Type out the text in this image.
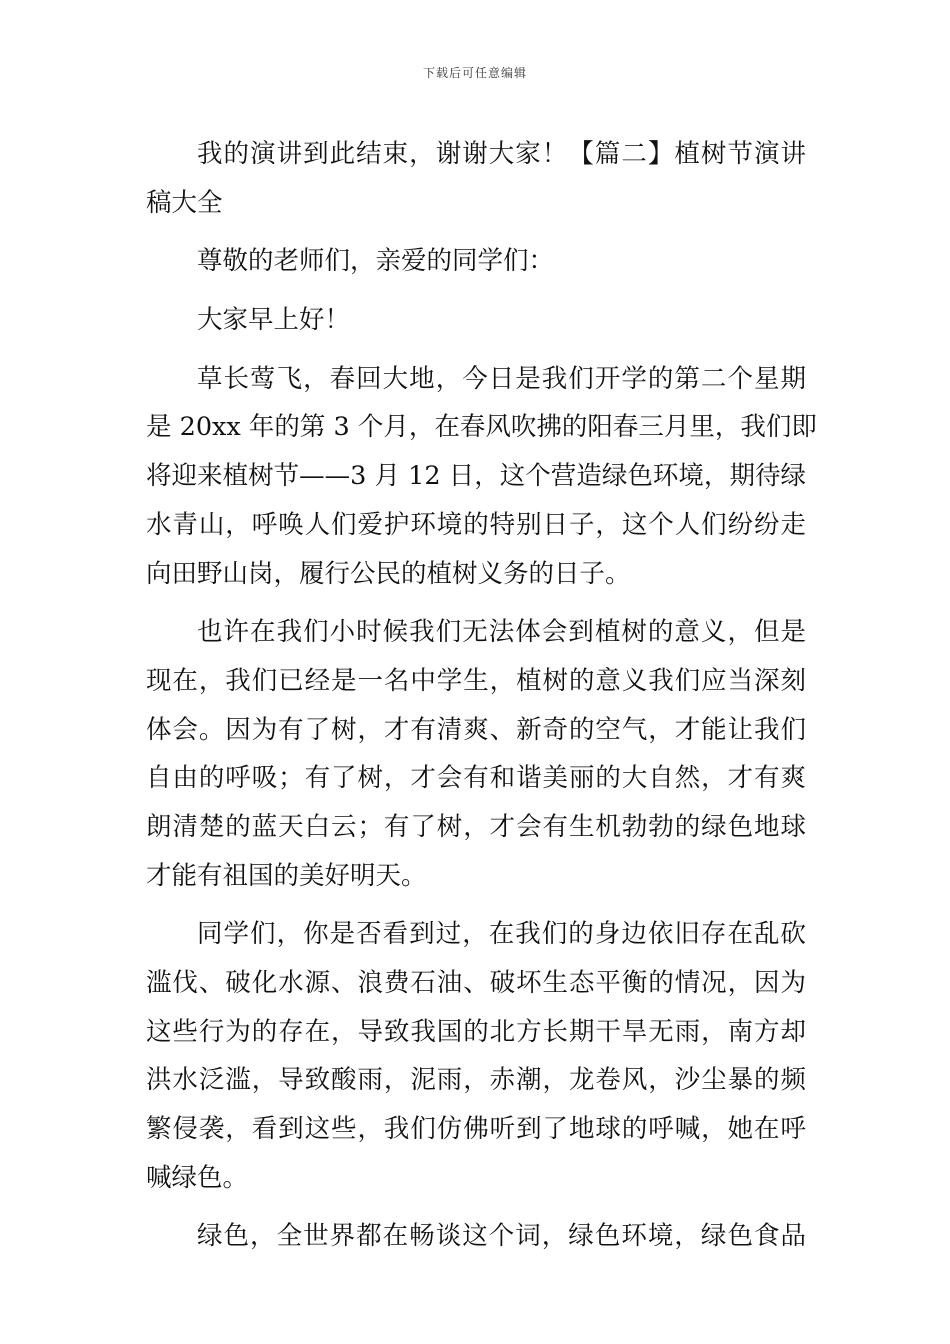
下载后可任意编辑
我的演讲到此结束，谢谢大家！【篇二】植树节演讲
稿大全
尊敬的老师们，亲爱的同学们：
大家早上好！
草长莺飞，春回大地，今日是我们开学的第二个星期
是 20xx 年的第 3 个月，在春风吹拂的阳春三月里，我们即
将迎来植树节——3 月 12 日，这个营造绿色环境，期待绿
水青山，呼唤人们爱护环境的特别日子，这个人们纷纷走
向田野山岗，履行公民的植树义务的日子。
也许在我们小时候我们无法体会到植树的意义，但是
现在，我们已经是一名中学生，植树的意义我们应当深刻
体会。因为有了树，才有清爽、新奇的空气，才能让我们
自由的呼吸；有了树，才会有和谐美丽的大自然，才有爽
朗清楚的蓝天白云；有了树，才会有生机勃勃的绿色地球
才能有祖国的美好明天。
同学们，你是否看到过，在我们的身边依旧存在乱砍
滥伐、破化水源、浪费石油、破坏生态平衡的情况，因为
这些行为的存在，导致我国的北方长期干旱无雨，南方却
洪水泛滥，导致酸雨，泥雨，赤潮，龙卷风，沙尘暴的频
繁侵袭，看到这些，我们仿佛听到了地球的呼喊，她在呼
喊绿色。
绿色，全世界都在畅谈这个词，绿色环境，绿色食品
